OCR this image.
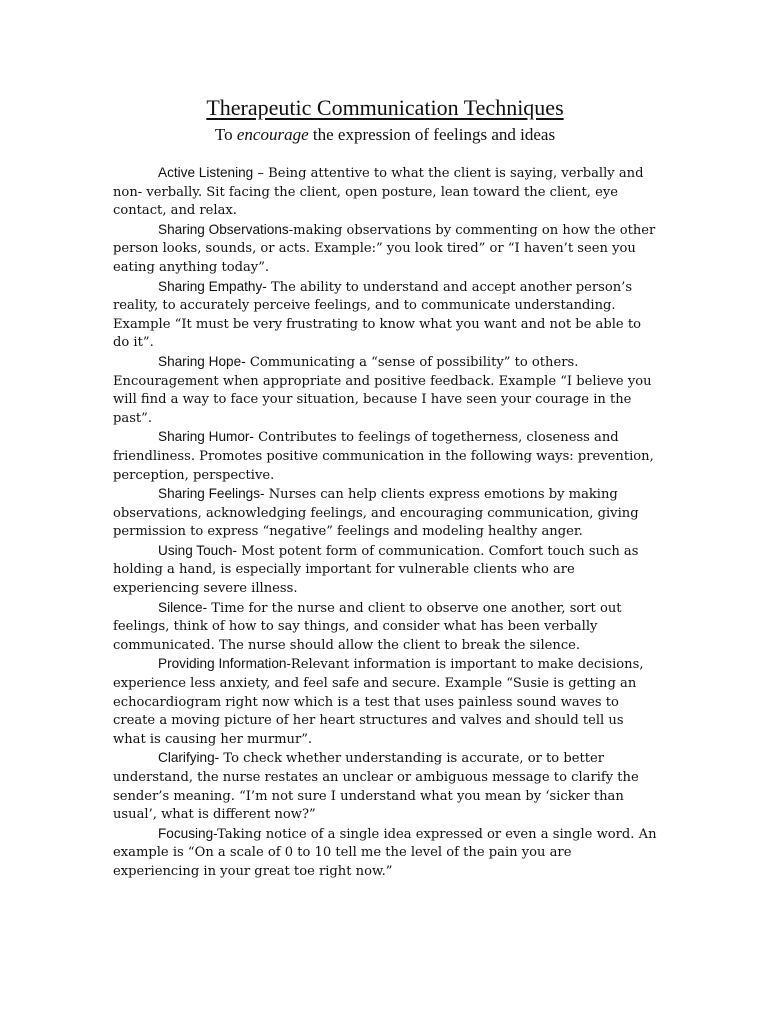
Therapeutic Communication Techniques
To encourage the expression of feelings and ideas

Active Listening – Being attentive to what the client is saying, verbally and non- verbally. Sit facing the client, open posture, lean toward the client, eye contact, and relax.

Sharing Observations-making observations by commenting on how the other person looks, sounds, or acts. Example:” you look tired” or “I haven’t seen you eating anything today”.

Sharing Empathy- The ability to understand and accept another person’s reality, to accurately perceive feelings, and to communicate understanding. Example “It must be very frustrating to know what you want and not be able to do it”.

Sharing Hope- Communicating a “sense of possibility” to others. Encouragement when appropriate and positive feedback. Example “I believe you will find a way to face your situation, because I have seen your courage in the past”.

Sharing Humor- Contributes to feelings of togetherness, closeness and friendliness. Promotes positive communication in the following ways: prevention, perception, perspective.

Sharing Feelings- Nurses can help clients express emotions by making observations, acknowledging feelings, and encouraging communication, giving permission to express “negative” feelings and modeling healthy anger.

Using Touch- Most potent form of communication. Comfort touch such as holding a hand, is especially important for vulnerable clients who are experiencing severe illness.

Silence- Time for the nurse and client to observe one another, sort out feelings, think of how to say things, and consider what has been verbally communicated. The nurse should allow the client to break the silence.

Providing Information-Relevant information is important to make decisions, experience less anxiety, and feel safe and secure. Example “Susie is getting an echocardiogram right now which is a test that uses painless sound waves to create a moving picture of her heart structures and valves and should tell us what is causing her murmur”.

Clarifying- To check whether understanding is accurate, or to better understand, the nurse restates an unclear or ambiguous message to clarify the sender’s meaning. “I’m not sure I understand what you mean by ‘sicker than usual’, what is different now?”

Focusing-Taking notice of a single idea expressed or even a single word. An example is “On a scale of 0 to 10 tell me the level of the pain you are experiencing in your great toe right now.”
